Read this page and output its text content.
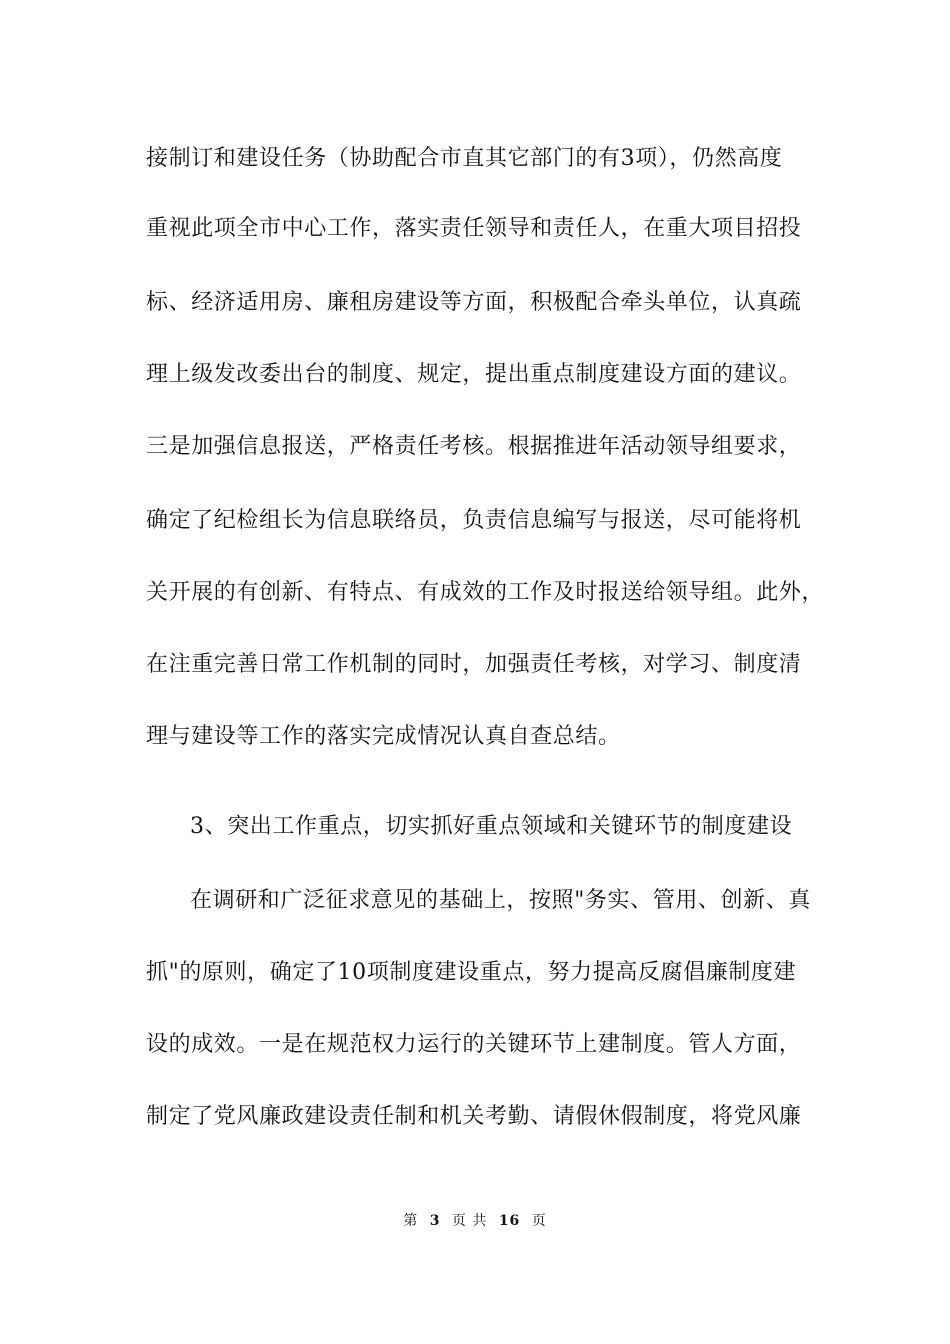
接制订和建设任务（协助配合市直其它部门的有3项），仍然高度
重视此项全市中心工作，落实责任领导和责任人，在重大项目招投
标、经济适用房、廉租房建设等方面，积极配合牵头单位，认真疏
理上级发改委出台的制度、规定，提出重点制度建设方面的建议。
三是加强信息报送，严格责任考核。根据推进年活动领导组要求，
确定了纪检组长为信息联络员，负责信息编写与报送，尽可能将机
关开展的有创新、有特点、有成效的工作及时报送给领导组。此外，
在注重完善日常工作机制的同时，加强责任考核，对学习、制度清
理与建设等工作的落实完成情况认真自查总结。
3、突出工作重点，切实抓好重点领域和关键环节的制度建设
在调研和广泛征求意见的基础上，按照"务实、管用、创新、真
抓"的原则，确定了10项制度建设重点，努力提高反腐倡廉制度建
设的成效。一是在规范权力运行的关键环节上建制度。管人方面，
制定了党风廉政建设责任制和机关考勤、请假休假制度，将党风廉
第 3 页 共 16 页
